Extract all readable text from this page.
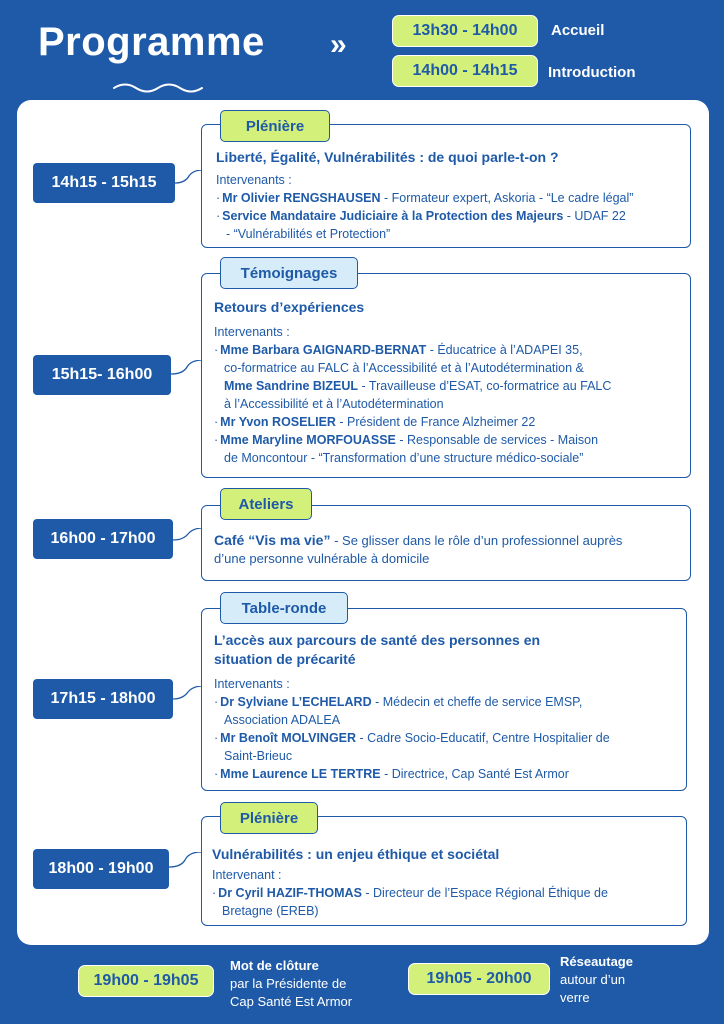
Programme »	13h30 - 14h00	Accueil
14h00 - 14h15	Introduction
14h15 - 15h15
Liberté, Égalité, Vulnérabilités : de quoi parle-t-on ?
Intervenants :
· Mr Olivier RENGSHAUSEN - Formateur expert, Askoria - “Le cadre légal”
· Service Mandataire Judiciaire à la Protection des Majeurs - UDAF 22
- “Vulnérabilités et Protection”
Plénière
15h15- 16h00
Retours d’expériences
Intervenants :
· Mme Barbara GAIGNARD-BERNAT - Éducatrice à l’ADAPEI 35,
co-formatrice au FALC à l’Accessibilité et à l’Autodétermination &
Mme Sandrine BIZEUL - Travailleuse d’ESAT, co-formatrice au FALC
à l’Accessibilité et à l’Autodétermination
· Mr Yvon ROSELIER - Président de France Alzheimer 22
· Mme Maryline MORFOUASSE - Responsable de services - Maison
de Moncontour - “Transformation d’une structure médico-sociale”
Témoignages
16h00 - 17h00	Café “Vis ma vie” - Se glisser dans le rôle d’un professionnel auprès
d’une personne vulnérable à domicile
Ateliers
17h15 - 18h00
L’accès aux parcours de santé des personnes en
situation de précarité
Intervenants :
· Dr Sylviane L’ECHELARD - Médecin et cheffe de service EMSP,
Association ADALEA
· Mr Benoît MOLVINGER - Cadre Socio-Educatif, Centre Hospitalier de
Saint-Brieuc
· Mme Laurence LE TERTRE - Directrice, Cap Santé Est Armor
Table-ronde
18h00 - 19h00
Vulnérabilités : un enjeu éthique et sociétal
Intervenant :
· Dr Cyril HAZIF-THOMAS - Directeur de l’Espace Régional Éthique de
Bretagne (EREB)
Plénière
19h00 - 19h05
Mot de clôture
par la Présidente de
Cap Santé Est Armor
19h05 - 20h00
Réseautage
autour d’un
verre
